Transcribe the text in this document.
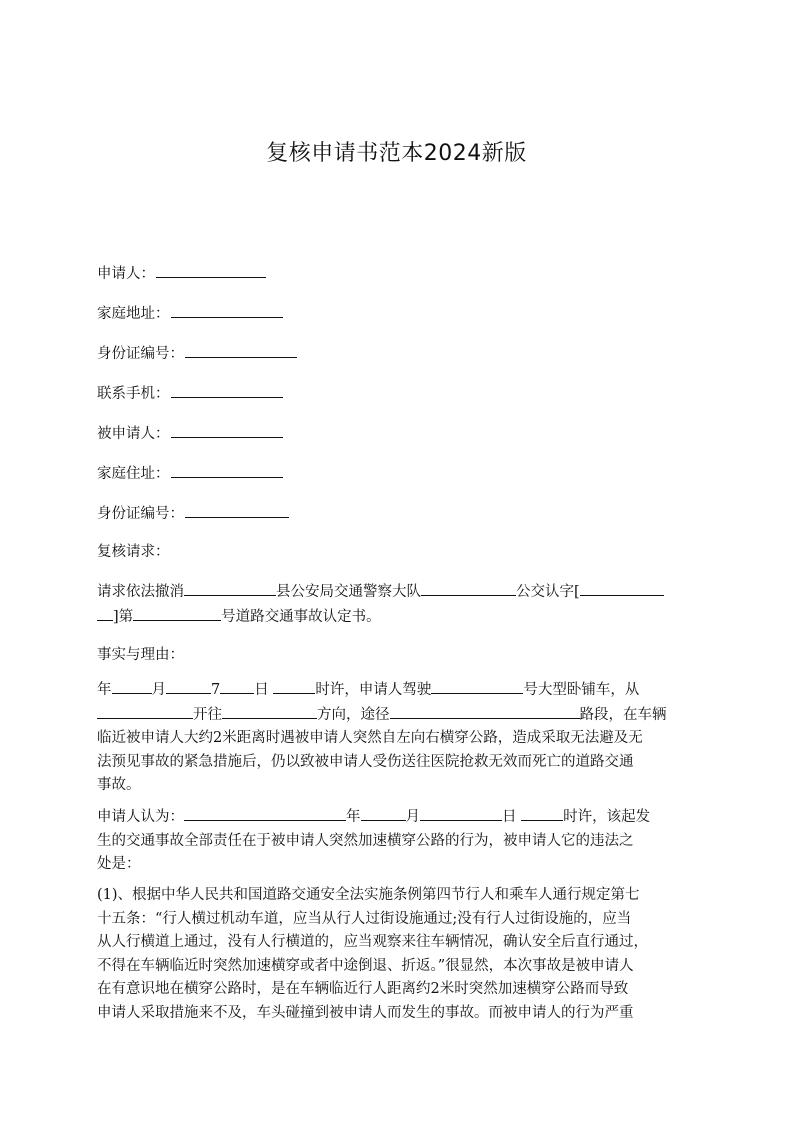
复核申请书范本2024新版
申请人：
家庭地址：
身份证编号：
联系手机：
被申请人：
家庭住址：
身份证编号：
复核请求：
请求依法撤消	县公安局交通警察大队	公交认字[
]第	号道路交通事故认定书。
事实与理由：
年	月	7 日	时许，申请人驾驶	号大型卧铺车，从
开往	方向，途径	路段，在车辆
临近被申请人大约2米距离时遇被申请人突然自左向右横穿公路，造成采取无法避及无
法预见事故的紧急措施后，仍以致被申请人受伤送往医院抢救无效而死亡的道路交通
事故。
申请人认为：	年	月	日	时许，该起发
生的交通事故全部责任在于被申请人突然加速横穿公路的行为，被申请人它的违法之
处是：
(1)、根据中华人民共和国道路交通安全法实施条例第四节行人和乘车人通行规定第七
十五条：“行人横过机动车道，应当从行人过街设施通过;没有行人过街设施的，应当
从人行横道上通过，没有人行横道的，应当观察来往车辆情况，确认安全后直行通过，
不得在车辆临近时突然加速横穿或者中途倒退、折返。”很显然，本次事故是被申请人
在有意识地在横穿公路时，是在车辆临近行人距离约2米时突然加速横穿公路而导致
申请人采取措施来不及，车头碰撞到被申请人而发生的事故。而被申请人的行为严重
